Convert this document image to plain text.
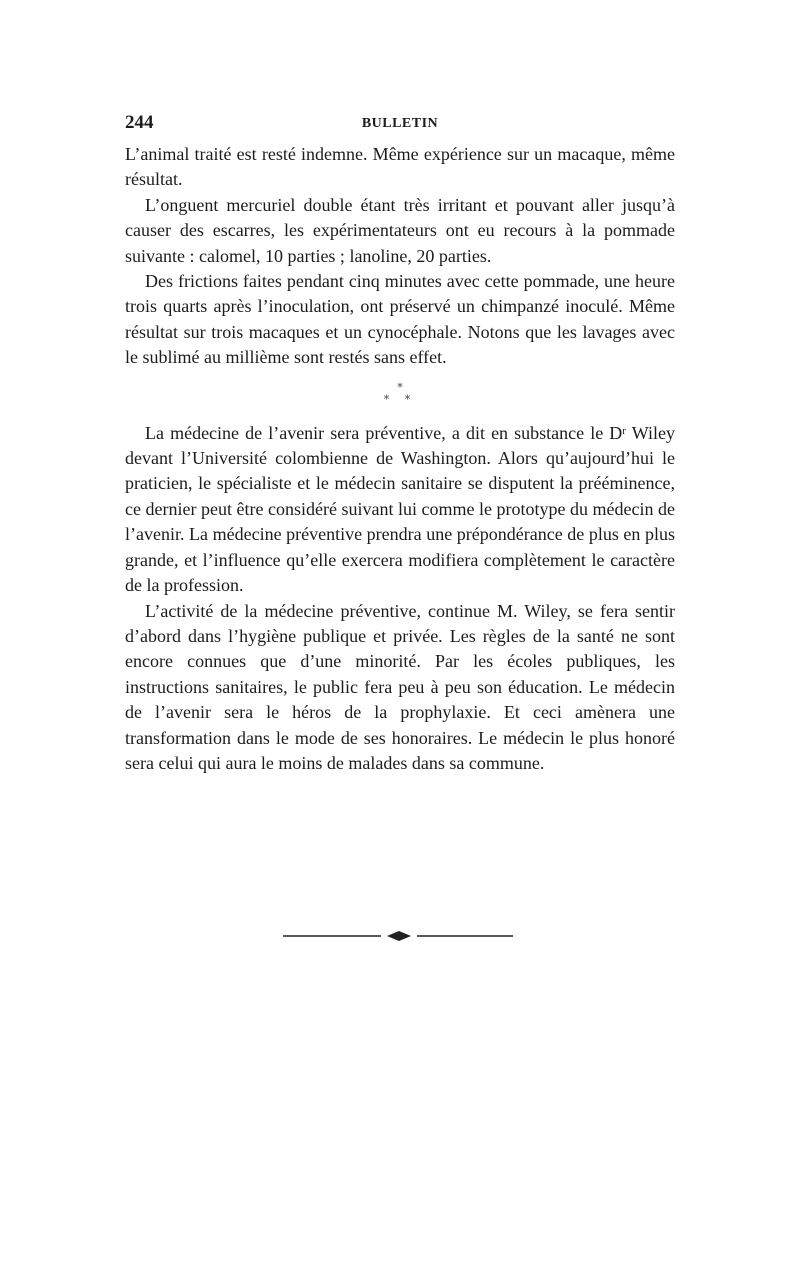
244	BULLETIN

L’animal traité est resté indemne. Même expérience sur un macaque, même résultat.

L’onguent mercuriel double étant très irritant et pouvant aller jusqu’à causer des escarres, les expérimentateurs ont eu recours à la pommade suivante : calomel, 10 parties ; lanoline, 20 parties.

Des frictions faites pendant cinq minutes avec cette pommade, une heure trois quarts après l’inoculation, ont préservé un chimpanzé inoculé. Même résultat sur trois macaques et un cynocéphale. Notons que les lavages avec le sublimé au millième sont restés sans effet.

*
* *

La médecine de l’avenir sera préventive, a dit en substance le $D^r$ Wiley devant l’Université colombienne de Washington. Alors qu’aujourd’hui le praticien, le spécialiste et le médecin sanitaire se disputent la prééminence, ce dernier peut être considéré suivant lui comme le prototype du médecin de l’avenir. La médecine préventive prendra une prépondérance de plus en plus grande, et l’influence qu’elle exercera modifiera complètement le caractère de la profession.

L’activité de la médecine préventive, continue M. Wiley, se fera sentir d’abord dans l’hygiène publique et privée. Les règles de la santé ne sont encore connues que d’une minorité. Par les écoles publiques, les instructions sanitaires, le public fera peu à peu son éducation. Le médecin de l’avenir sera le héros de la prophylaxie. Et ceci amènera une transformation dans le mode de ses honoraires. Le médecin le plus honoré sera celui qui aura le moins de malades dans sa commune.
